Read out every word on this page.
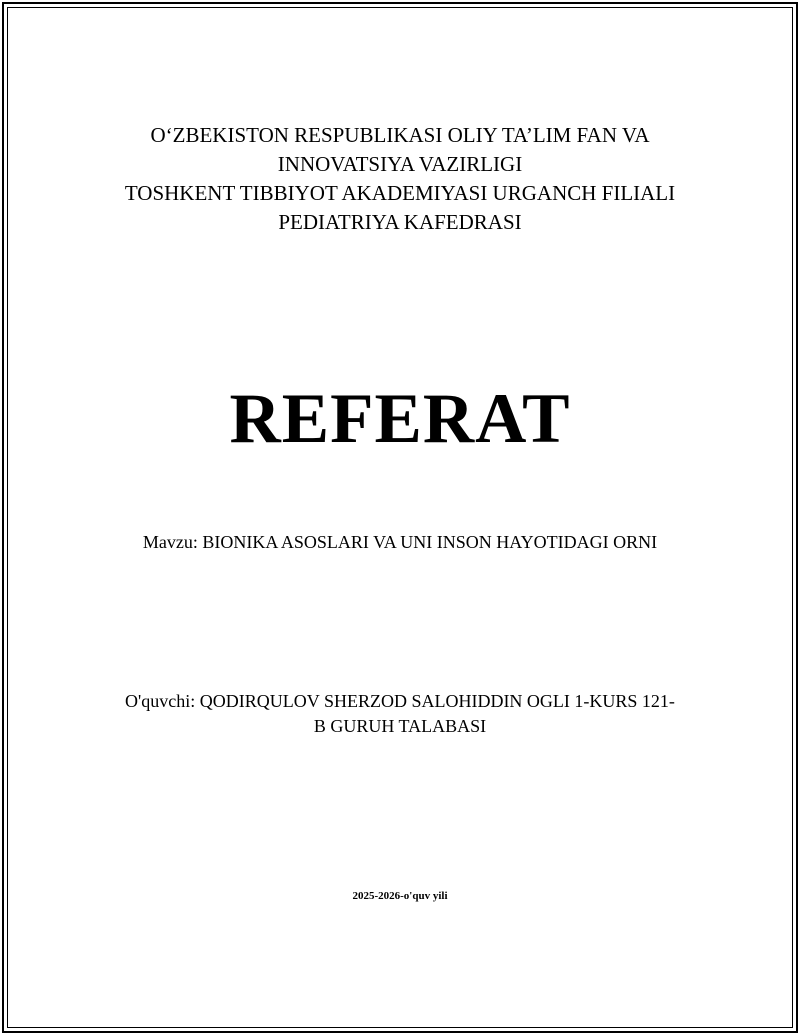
O‘ZBEKISTON RESPUBLIKASI OLIY TA’LIM FAN VA
INNOVATSIYA VAZIRLIGI
TOSHKENT TIBBIYOT AKADEMIYASI URGANCH FILIALI
PEDIATRIYA KAFEDRASI
REFERAT
Mavzu: BIONIKA ASOSLARI VA UNI INSON HAYOTIDAGI ORNI
O'quvchi: QODIRQULOV SHERZOD SALOHIDDIN OGLI 1-KURS 121-
B GURUH TALABASI
2025-2026-o'quv yili
